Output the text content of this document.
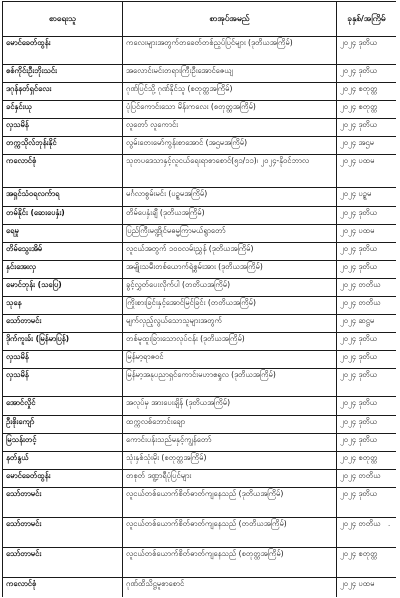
စာရေးသူ	စာအုပ်အမည်	ခုနှစ်/အကြိမ်
မောင်ခေတ်ထွန်း	ကလေးများအတွက်တခေတ်တစ်ည့ပ်ပြင်များ (ဒုတိယအကြိမ်)	၂၀၂၄ ဒုတိယ
စစ်ကိုင်းဦးဘိုးသင်း	အလောင်းမင်းတရားကြီးဦးအောင်ဇေယျ	၂၀၂၄ ဒုတိယ
ဒဂုန်နတ်ရှင်လေး	ဂုဏ်ပြင်သို့ ဂုဏ်နိုင်သူ (စတုတ္ထအကြိမ်)	၂၀၂၄ စတုတ္ထ
ခင်နှင်းယု	ပုံပြင်ကောင်းသော မိန်းကလေး (စတုတ္ထအကြိမ်)	၂၀၂၄ စတုတ္ထ
လှသမိန်	လူတော် လူကောင်း	၂၀၂၄ ဒုတိယ
တက္ကသိုလ်ဘုန်းနိုင်	လွမ်းတေးမော်ကွန်းစာအောင် (အဌမအကြိမ်)	၂၀၂၄ အဌမ
ကလောင်စုံ	သုတပဒေသာနှင့်လူငယ်ရေးရာစာစောင်(၅၁/၁၁)၊ ၂၀၂၄-နိုဝင်ဘာလ	၂၀၂၄ ပထမ
အရှင်သံဝရလက်ာရ	မင်္ဂလာစွမ်းမင်း (ပဥ္စမအကြိမ်)	၂၀၂၄ ပဥ္စမ
တမ်နိုင်း (ဆေးပေနှံး)	တိမ်ပေနှံးချီ (ဒုတိယအကြိမ်)	၂၀၂၄ ဒုတိယ
ရေမှု	ပြည်ကြီးမဏ္ဍိုင်မဓမ္မကြာမယ်ရွာတော်	၂၀၂၄ ပထမ
တိမ်သွေးအိမ်	လူငယ်အတွက် ၁၀၀လမ်းညွှန် (ဒုတိယအကြိမ်)	၂၀၂၄ ဒုတိယ
နှင်းအေးလှ	အမျိုးသမီးတစ်ယောက်ရဲ့စွမ်းအား (ဒုတိယအကြိမ်)	၂၀၂၄ ဒုတိယ
မောင်ဘုန်း (သပြေ)	ခွင့်လွှတ်ပေးလိုက်ပါ (တတိယအကြိမ်)	၂၀၂၄ တတိယ
သုနေ	ကြိုးစားခြင်းနှင့်အောင်မြင်ခြင်း (တတိယအကြိမ်)	၂၀၂၄ တတိယ
သော်တာမင်း	မျက်လှည့်လွယ်သောသူများအတွက်	၂၀၂၄ ဆဋ္ဌမ
ဒိုက်ကူးခ်း (မြန်မာပြန်)	တစ်မူထူးခြားသောလုပ်ငန်း (ဒုတိယအကြိမ်)	၂၀၂၄ ဒုတိယ
လှသမိန်	မြန်မာ့ရာဇဝင်	၂၀၂၄ ဒုတိယ
လှသမိန်	မြန်မာ့အနုပညာရှင်ကောင်းမဟာဧရှုလ (ဒုတိယအကြိမ်)	၂၀၂၄ ဒုတိယ
အောင်လှိုင်	အလုပ်မှ အားပေးချိန် (ဒုတိယအကြိမ်)	၂၀၂၄ ဒုတိယ
ဦးစိုးကျော်	ထက္ကလစ်ဘောင်းချော	၂၀၂၄ ဒုတိယ
မြသန်းတင့်	ကောင်းပန်းသည်မနှင့်ကျွန်တော်	၂၀၂၄ ဒုတိယ
နတ်နွယ်	သုံးနှစ်သုံးမိုး (စတုတ္ထအကြိမ်)	၂၀၂၄ စတုတ္ထ
မောင်ခေတ်ထွန်း	တစုတ် ဒဏ္ဍာရီပုံပြင်များ	၂၀၂၄ တတိယ
သော်တာမင်း	လူငယ်တစ်ယောက်စိတ်ဓာတ်ကျနေသည် (ဒုတိယအကြိမ်)	၂၀၂၄ ဒုတိယ
သော်တာမင်း	လူငယ်တစ်ယောက်စိတ်ဓာတ်ကျနေသည် (တတိယအကြိမ်)	၂၀၂၄ တတိယ
သော်တာမင်း	လူငယ်တစ်ယောက်စိတ်ဓာတ်ကျနေသည် (စတုတ္ထအကြိမ်)	၂၀၂၄ စတုတ္ထ
ကလောင်စုံ	ဂုဏ်ထိသိဋ္ဌမူစာစောင်	၂၀၂၄ ပထမ
·
